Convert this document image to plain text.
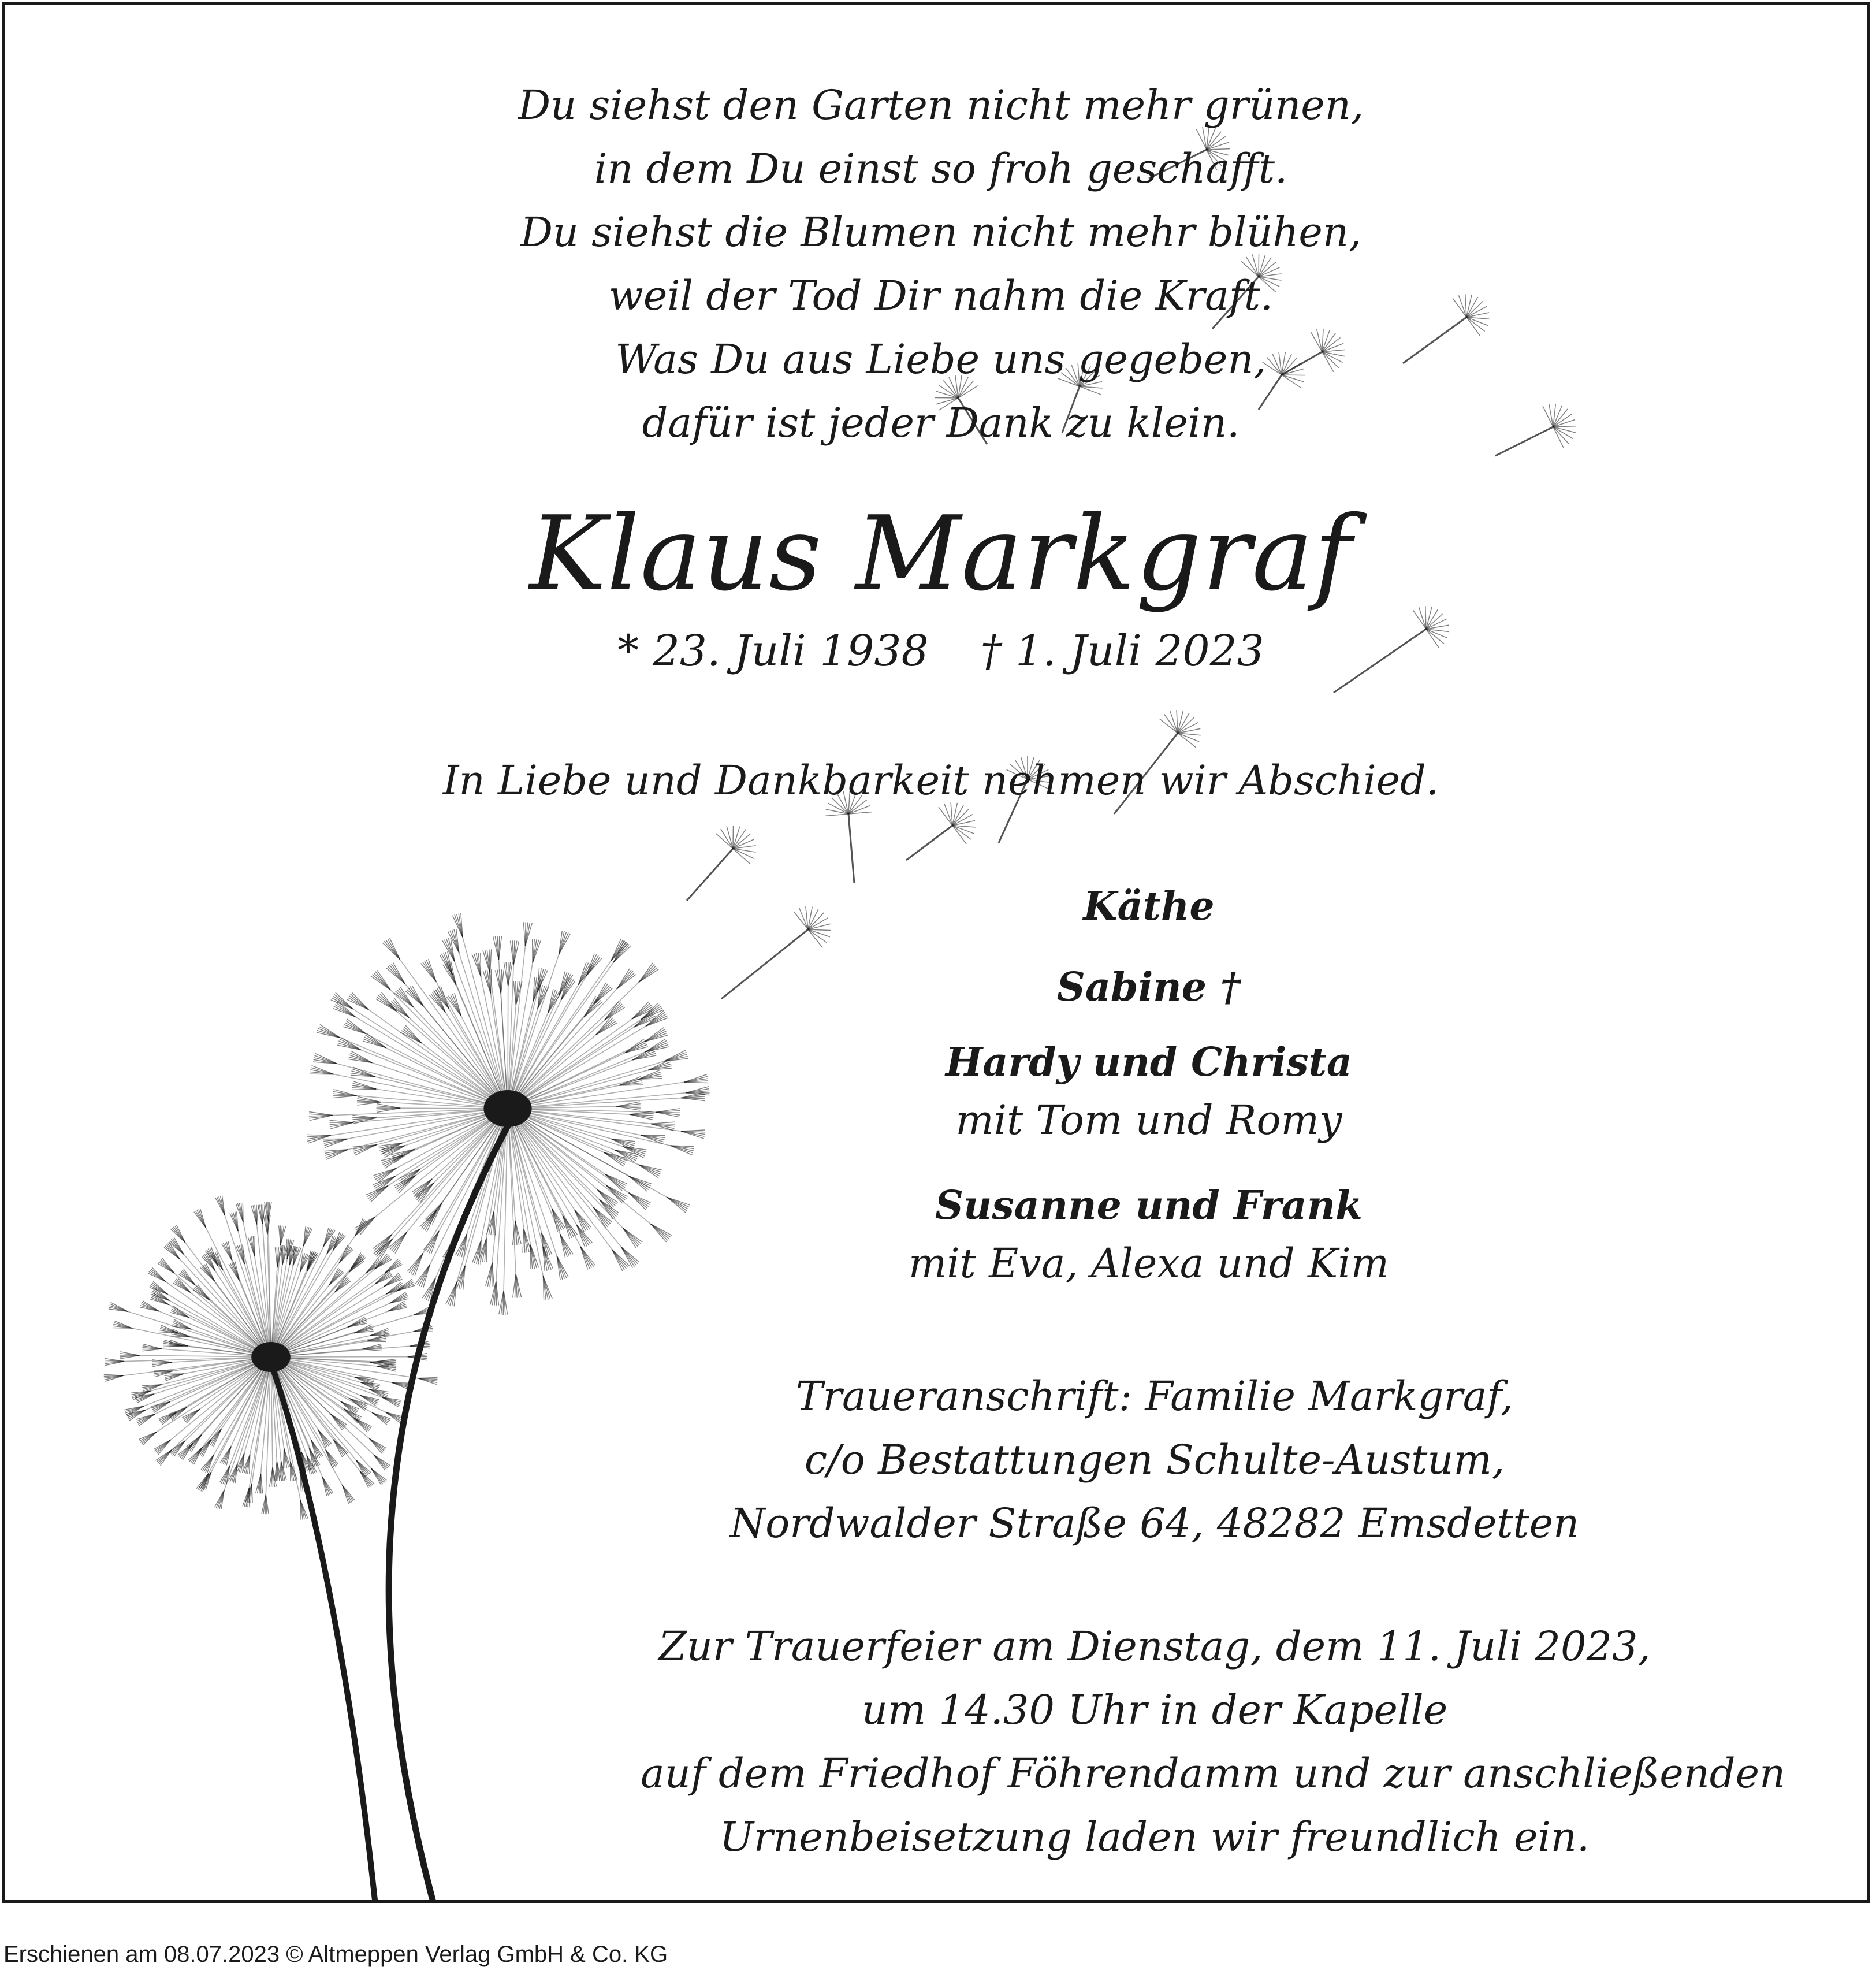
Du siehst den Garten nicht mehr grünen,
in dem Du einst so froh geschafft.
Du siehst die Blumen nicht mehr blühen,
weil der Tod Dir nahm die Kraft.
Was Du aus Liebe uns gegeben,
dafür ist jeder Dank zu klein.
Klaus Markgraf
* 23. Juli 1938 † 1. Juli 2023
In Liebe und Dankbarkeit nehmen wir Abschied.
Käthe
Sabine †
Hardy und Christa
mit Tom und Romy
Susanne und Frank
mit Eva, Alexa und Kim
Traueranschrift: Familie Markgraf,
c/o Bestattungen Schulte-Austum,
Nordwalder Straße 64, 48282 Emsdetten
Zur Trauerfeier am Dienstag, dem 11. Juli 2023,
um 14.30 Uhr in der Kapelle
auf dem Friedhof Föhrendamm und zur anschließenden
Urnenbeisetzung laden wir freundlich ein.
Erschienen am 08.07.2023 © Altmeppen Verlag GmbH & Co. KG
